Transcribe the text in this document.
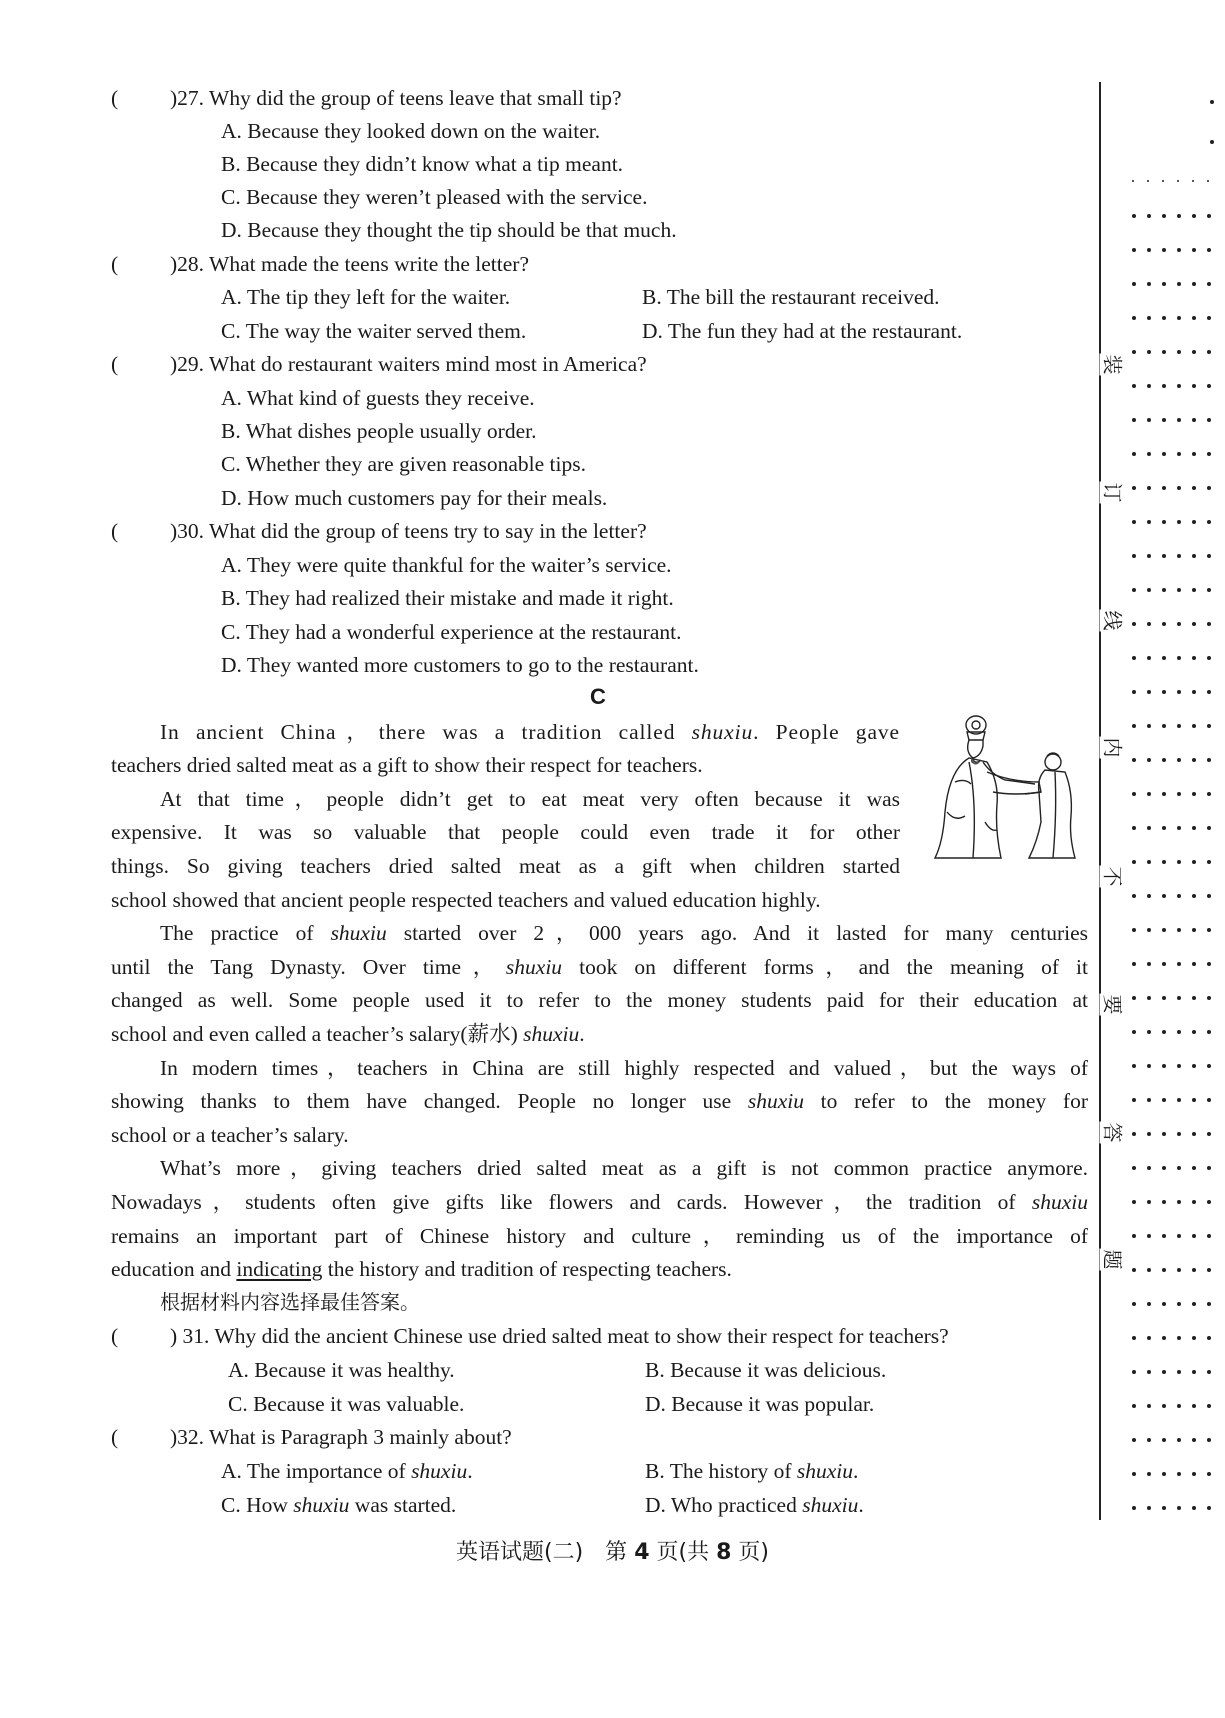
( )27. Why did the group of teens leave that small tip?
A. Because they looked down on the waiter.
B. Because they didn’t know what a tip meant.
C. Because they weren’t pleased with the service.
D. Because they thought the tip should be that much.
( )28. What made the teens write the letter?
A. The tip they left for the waiter.	B. The bill the restaurant received.
C. The way the waiter served them.	D. The fun they had at the restaurant.
( )29. What do restaurant waiters mind most in America?
A. What kind of guests they receive.
B. What dishes people usually order.
C. Whether they are given reasonable tips.
D. How much customers pay for their meals.
( )30. What did the group of teens try to say in the letter?
A. They were quite thankful for the waiter’s service.
B. They had realized their mistake and made it right.
C. They had a wonderful experience at the restaurant.
D. They wanted more customers to go to the restaurant.
C
In ancient China，there was a tradition called shuxiu. People gave
teachers dried salted meat as a gift to show their respect for teachers.
At that time，people didn’t get to eat meat very often because it was
expensive. It was so valuable that people could even trade it for other
things. So giving teachers dried salted meat as a gift when children started
school showed that ancient people respected teachers and valued education highly.
The practice of shuxiu started over 2，000 years ago. And it lasted for many centuries
until the Tang Dynasty. Over time，shuxiu took on different forms，and the meaning of it
changed as well. Some people used it to refer to the money students paid for their education at
school and even called a teacher’s salary(薪水) shuxiu.
In modern times，teachers in China are still highly respected and valued，but the ways of
showing thanks to them have changed. People no longer use shuxiu to refer to the money for
school or a teacher’s salary.
What’s more，giving teachers dried salted meat as a gift is not common practice anymore.
Nowadays，students often give gifts like flowers and cards. However，the tradition of shuxiu
remains an important part of Chinese history and culture，reminding us of the importance of
education and indicating the history and tradition of respecting teachers.
根据材料内容选择最佳答案。
( ) 31. Why did the ancient Chinese use dried salted meat to show their respect for teachers?
A. Because it was healthy.	B. Because it was delicious.
C. Because it was valuable.	D. Because it was popular.
( )32. What is Paragraph 3 mainly about?
A. The importance of shuxiu.	B. The history of shuxiu.
C. How shuxiu was started.	D. Who practiced shuxiu.
英语试题(二)　第 4 页(共 8 页)
装
订
线
内
不
要
答
题
